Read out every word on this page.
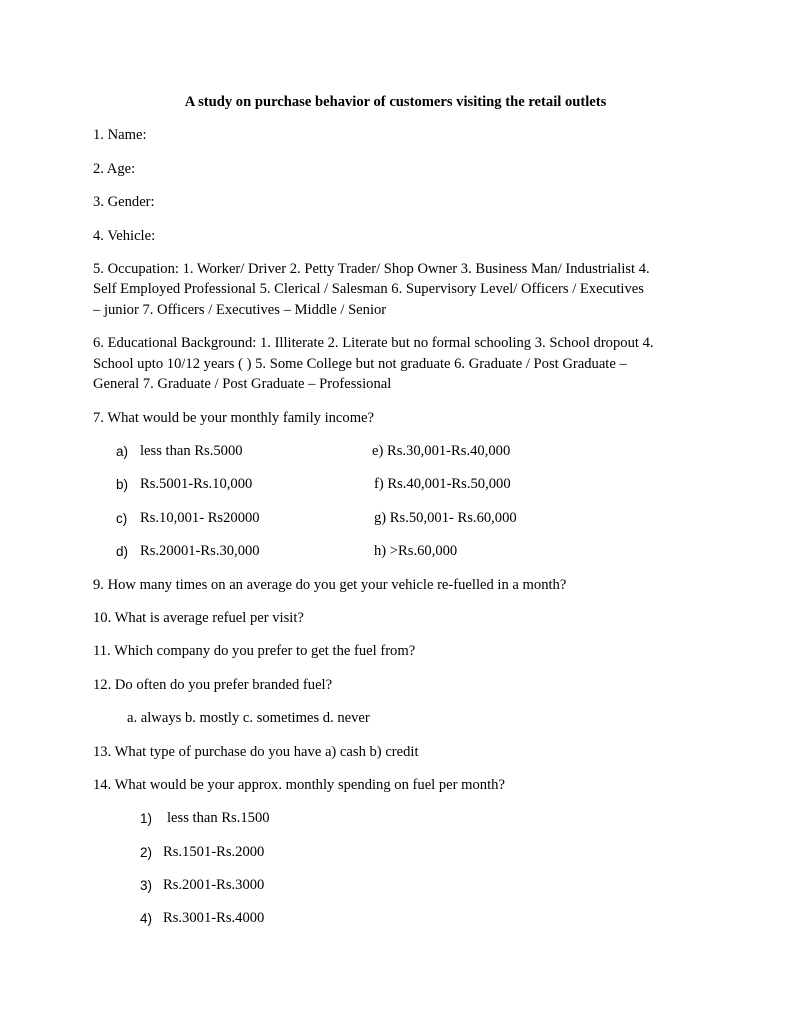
A study on purchase behavior of customers visiting the retail outlets
1. Name:
2. Age:
3. Gender:
4. Vehicle:
5. Occupation: 1. Worker/ Driver 2. Petty Trader/ Shop Owner 3. Business Man/ Industrialist 4.
Self Employed Professional 5. Clerical / Salesman 6. Supervisory Level/ Officers / Executives
– junior 7. Officers / Executives – Middle / Senior
6. Educational Background: 1. Illiterate 2. Literate but no formal schooling 3. School dropout 4.
School upto 10/12 years ( ) 5. Some College but not graduate 6. Graduate / Post Graduate –
General 7. Graduate / Post Graduate – Professional
7. What would be your monthly family income?
a) less than Rs.5000	e) Rs.30,001-Rs.40,000
b) Rs.5001-Rs.10,000	f) Rs.40,001-Rs.50,000
c) Rs.10,001- Rs20000	g) Rs.50,001- Rs.60,000
d) Rs.20001-Rs.30,000	h) >Rs.60,000
9. How many times on an average do you get your vehicle re-fuelled in a month?
10. What is average refuel per visit?
11. Which company do you prefer to get the fuel from?
12. Do often do you prefer branded fuel?
a. always b. mostly c. sometimes d. never
13. What type of purchase do you have a) cash b) credit
14. What would be your approx. monthly spending on fuel per month?
1) less than Rs.1500
2) Rs.1501-Rs.2000
3) Rs.2001-Rs.3000
4) Rs.3001-Rs.4000
